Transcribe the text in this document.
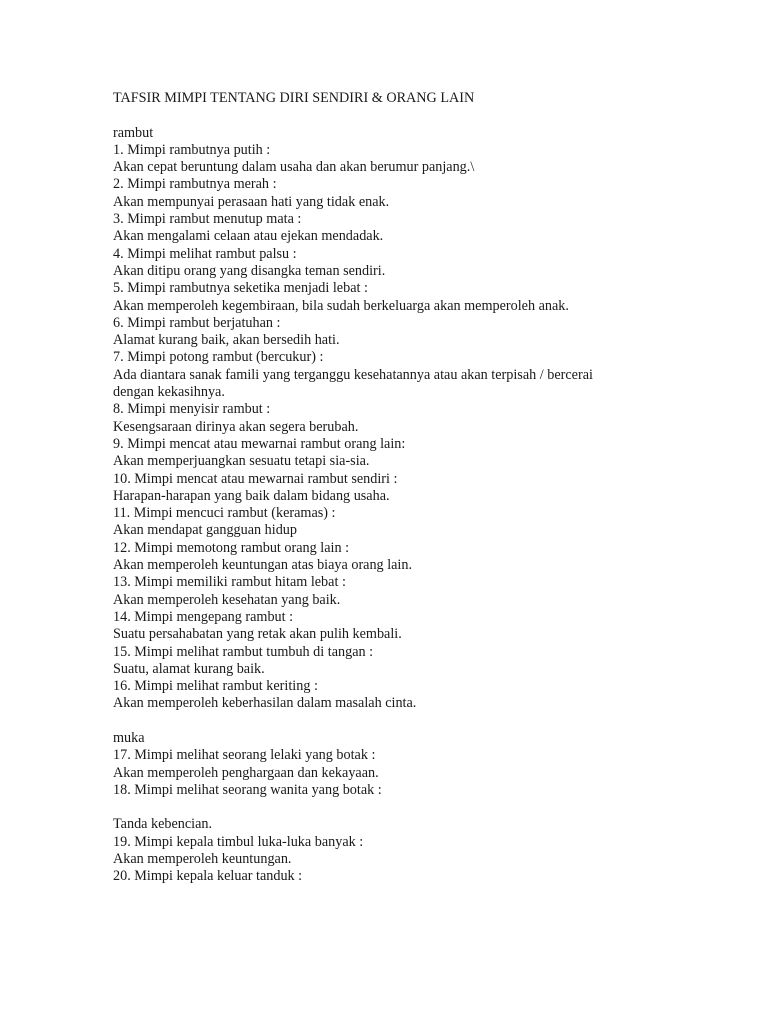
TAFSIR MIMPI TENTANG DIRI SENDIRI & ORANG LAIN
rambut
1. Mimpi rambutnya putih :
Akan cepat beruntung dalam usaha dan akan berumur panjang.\
2. Mimpi rambutnya merah :
Akan mempunyai perasaan hati yang tidak enak.
3. Mimpi rambut menutup mata :
Akan mengalami celaan atau ejekan mendadak.
4. Mimpi melihat rambut palsu :
Akan ditipu orang yang disangka teman sendiri.
5. Mimpi rambutnya seketika menjadi lebat :
Akan memperoleh kegembiraan, bila sudah berkeluarga akan memperoleh anak.
6. Mimpi rambut berjatuhan :
Alamat kurang baik, akan bersedih hati.
7. Mimpi potong rambut (bercukur) :
Ada diantara sanak famili yang terganggu kesehatannya atau akan terpisah / bercerai
dengan kekasihnya.
8. Mimpi menyisir rambut :
Kesengsaraan dirinya akan segera berubah.
9. Mimpi mencat atau mewarnai rambut orang lain:
Akan memperjuangkan sesuatu tetapi sia-sia.
10. Mimpi mencat atau mewarnai rambut sendiri :
Harapan-harapan yang baik dalam bidang usaha.
11. Mimpi mencuci rambut (keramas) :
Akan mendapat gangguan hidup
12. Mimpi memotong rambut orang lain :
Akan memperoleh keuntungan atas biaya orang lain.
13. Mimpi memiliki rambut hitam lebat :
Akan memperoleh kesehatan yang baik.
14. Mimpi mengepang rambut :
Suatu persahabatan yang retak akan pulih kembali.
15. Mimpi melihat rambut tumbuh di tangan :
Suatu, alamat kurang baik.
16. Mimpi melihat rambut keriting :
Akan memperoleh keberhasilan dalam masalah cinta.
muka
17. Mimpi melihat seorang lelaki yang botak :
Akan memperoleh penghargaan dan kekayaan.
18. Mimpi melihat seorang wanita yang botak :
Tanda kebencian.
19. Mimpi kepala timbul luka-luka banyak :
Akan memperoleh keuntungan.
20. Mimpi kepala keluar tanduk :
